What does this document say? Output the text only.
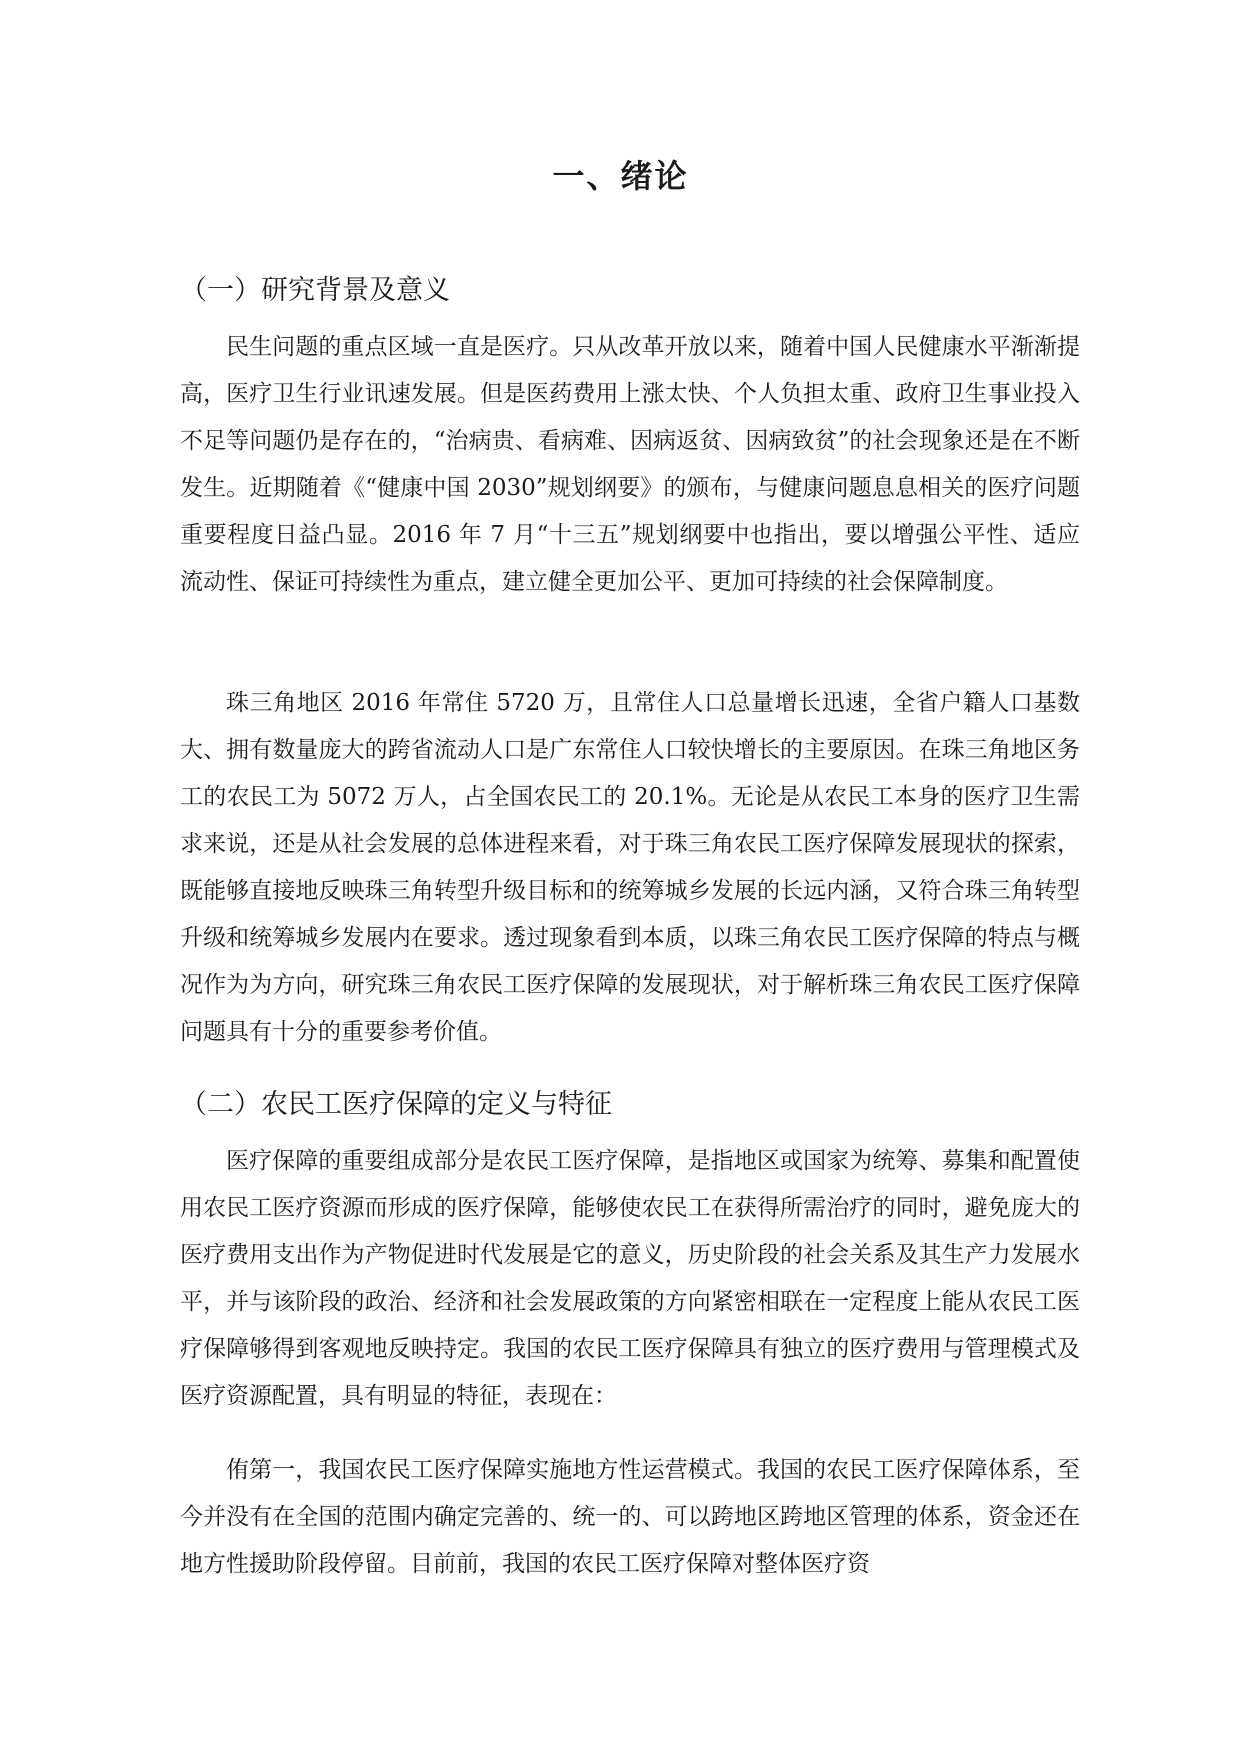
一、绪论
（一）研究背景及意义

民生问题的重点区域一直是医疗。只从改革开放以来，随着中国人民健康水平渐渐提高，医疗卫生行业讯速发展。但是医药费用上涨太快、个人负担太重、政府卫生事业投入不足等问题仍是存在的，“治病贵、看病难、因病返贫、因病致贫”的社会现象还是在不断发生。近期随着《“健康中国 2030”规划纲要》的颁布，与健康问题息息相关的医疗问题重要程度日益凸显。2016 年 7 月“十三五”规划纲要中也指出，要以增强公平性、适应流动性、保证可持续性为重点，建立健全更加公平、更加可持续的社会保障制度。

珠三角地区 2016 年常住 5720 万，且常住人口总量增长迅速，全省户籍人口基数大、拥有数量庞大的跨省流动人口是广东常住人口较快增长的主要原因。在珠三角地区务工的农民工为 5072 万人，占全国农民工的 20.1%。无论是从农民工本身的医疗卫生需求来说，还是从社会发展的总体进程来看，对于珠三角农民工医疗保障发展现状的探索，既能够直接地反映珠三角转型升级目标和的统筹城乡发展的长远内涵，又符合珠三角转型升级和统筹城乡发展内在要求。透过现象看到本质，以珠三角农民工医疗保障的特点与概况作为为方向，研究珠三角农民工医疗保障的发展现状，对于解析珠三角农民工医疗保障问题具有十分的重要参考价值。

（二）农民工医疗保障的定义与特征

医疗保障的重要组成部分是农民工医疗保障，是指地区或国家为统筹、募集和配置使用农民工医疗资源而形成的医疗保障，能够使农民工在获得所需治疗的同时，避免庞大的医疗费用支出作为产物促进时代发展是它的意义，历史阶段的社会关系及其生产力发展水平，并与该阶段的政治、经济和社会发展政策的方向紧密相联在一定程度上能从农民工医疗保障够得到客观地反映持定。我国的农民工医疗保障具有独立的医疗费用与管理模式及医疗资源配置，具有明显的特征，表现在：

侑第一，我国农民工医疗保障实施地方性运营模式。我国的农民工医疗保障体系，至今并没有在全国的范围内确定完善的、统一的、可以跨地区跨地区管理的体系，资金还在地方性援助阶段停留。目前前，我国的农民工医疗保障对整体医疗资
